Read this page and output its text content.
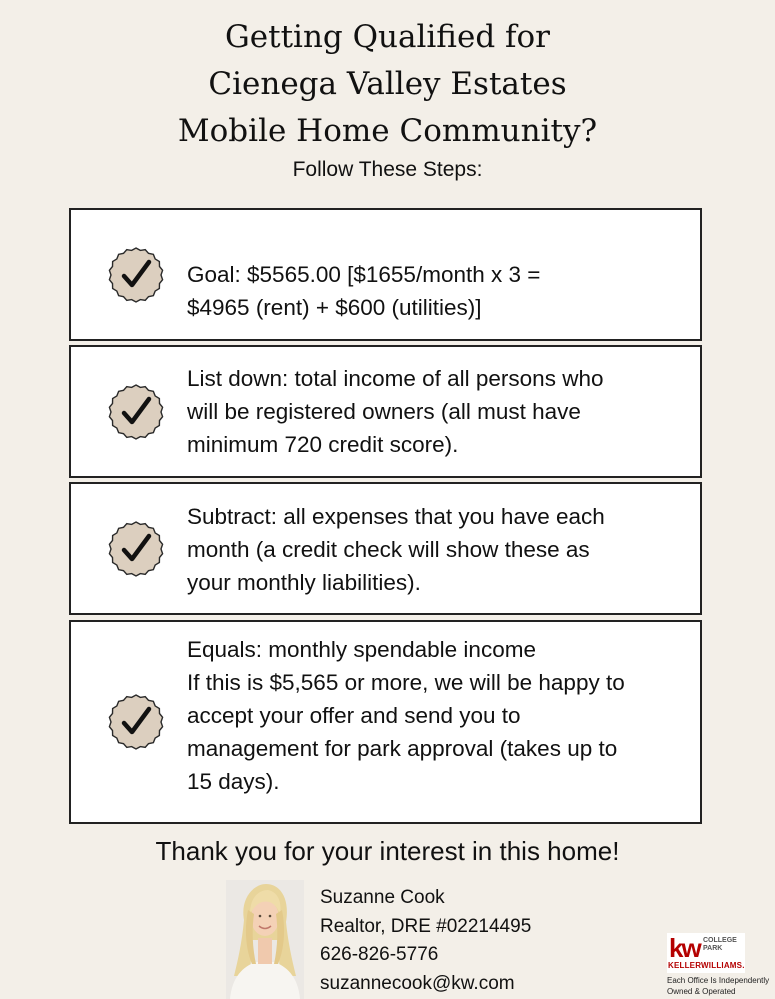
Getting Qualified for
Cienega Valley Estates
Mobile Home Community?
Follow These Steps:

Goal: $5565.00 [$1655/month x 3 =

$4965 (rent) + $600 (utilities)]

List down: total income of all persons who

will be registered owners (all must have

minimum 720 credit score).

Subtract: all expenses that you have each

month (a credit check will show these as

your monthly liabilities).

Equals: monthly spendable income

If this is $5,565 or more, we will be happy to

accept your offer and send you to

management for park approval (takes up to

15 days).

Thank you for your interest in this home!
Suzanne Cook
Realtor, DRE #02214495
626-826-5776
suzannecook@kw.com
kw COLLEGE
PARK
KELLERWILLIAMS.
Each Office Is Independently
Owned & Operated
